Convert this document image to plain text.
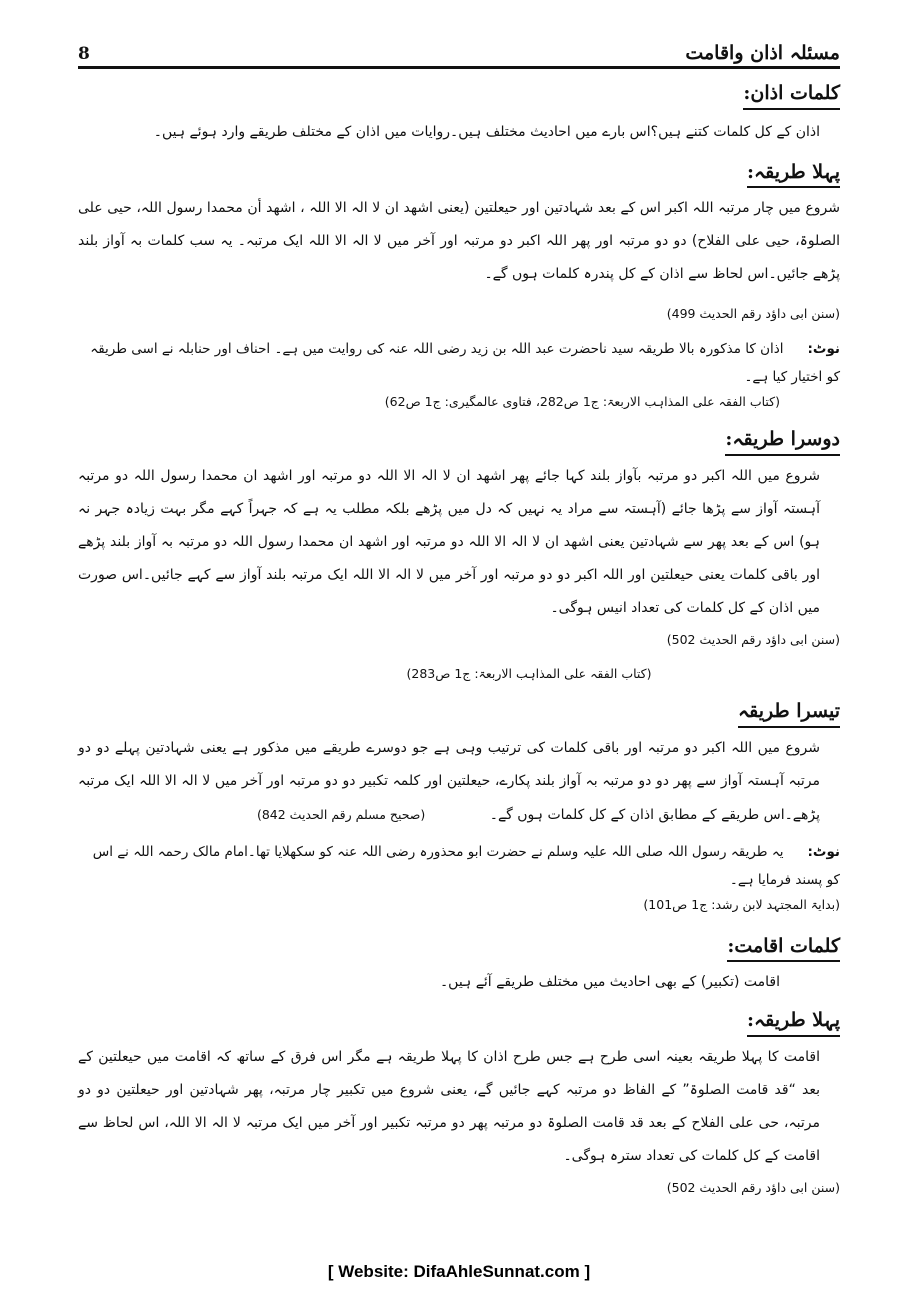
مسئلہ اذان واقامت
8
کلمات اذان:

اذان کے کل کلمات کتنے ہیں؟اس بارے میں احادیث مختلف ہیں۔روایات میں اذان کے مختلف طریقے وارد ہوئے ہیں۔

پہلا طریقہ:

شروع میں چار مرتبہ اللہ اکبر اس کے بعد شہادتین اور حیعلتین (یعنی اشھد ان لا الہ الا اللہ ، اشھد أن محمدا رسول اللہ، حیی علی الصلوۃ، حیی علی الفلاح) دو دو مرتبہ اور پھر اللہ اکبر دو مرتبہ اور آخر میں لا الہ الا اللہ ایک مرتبہ۔ یہ سب کلمات بہ آواز بلند پڑھے جائیں۔اس لحاظ سے اذان کے کل پندرہ کلمات ہوں گے۔

(سنن ابی داؤد رقم الحدیث 499)

نوٹ:اذان کا مذکورہ بالا طریقہ سید ناحضرت عبد اللہ بن زید رضی اللہ عنہ کی روایت میں ہے۔ احناف اور حنابلہ نے اسی طریقہ کو اختیار کیا ہے۔

(کتاب الفقہ علی المذاہب الاربعۃ: ج1 ص282، فتاوی عالمگیری: ج1 ص62)

دوسرا طریقہ:

شروع میں اللہ اکبر دو مرتبہ بآواز بلند کہا جائے پھر اشھد ان لا الہ الا اللہ دو مرتبہ اور اشھد ان محمدا رسول اللہ دو مرتبہ آہستہ آواز سے پڑھا جائے (آہستہ سے مراد یہ نہیں کہ دل میں پڑھے بلکہ مطلب یہ ہے کہ جہراً کہے مگر بہت زیادہ جہر نہ ہو) اس کے بعد پھر سے شہادتین یعنی اشھد ان لا الہ الا اللہ دو مرتبہ اور اشھد ان محمدا رسول اللہ دو مرتبہ بہ آواز بلند پڑھے اور باقی کلمات یعنی حیعلتین اور اللہ اکبر دو دو مرتبہ اور آخر میں لا الہ الا اللہ ایک مرتبہ بلند آواز سے کہے جائیں۔اس صورت میں اذان کے کل کلمات کی تعداد انیس ہوگی۔

(سنن ابی داؤد رقم الحدیث 502)

(کتاب الفقہ علی المذاہب الاربعۃ: ج1 ص283)

تیسرا طریقہ

شروع میں اللہ اکبر دو مرتبہ اور باقی کلمات کی ترتیب وہی ہے جو دوسرے طریقے میں مذکور ہے یعنی شہادتین پہلے دو دو مرتبہ آہستہ آواز سے پھر دو دو مرتبہ بہ آواز بلند پکارے، حیعلتین اور کلمہ تکبیر دو دو مرتبہ اور آخر میں لا الہ الا اللہ ایک مرتبہ پڑھے۔اس طریقے کے مطابق اذان کے کل کلمات ہوں گے۔ (صحیح مسلم رقم الحدیث 842)

نوٹ:یہ طریقہ رسول اللہ صلی اللہ علیہ وسلم نے حضرت ابو محذورہ رضی اللہ عنہ کو سکھلایا تھا۔امام مالک رحمہ اللہ نے اس کو پسند فرمایا ہے۔

(بدایۃ المجتہد لابن رشد: ج1 ص101)

کلمات اقامت:

اقامت (تکبیر) کے بھی احادیث میں مختلف طریقے آئے ہیں۔

پہلا طریقہ:

اقامت کا پہلا طریقہ بعینہ اسی طرح ہے جس طرح اذان کا پہلا طریقہ ہے مگر اس فرق کے ساتھ کہ اقامت میں حیعلتین کے بعد “قد قامت الصلوۃ” کے الفاظ دو مرتبہ کہے جائیں گے، یعنی شروع میں تکبیر چار مرتبہ، پھر شہادتین اور حیعلتین دو دو مرتبہ، حی علی الفلاح کے بعد قد قامت الصلوۃ دو مرتبہ پھر دو مرتبہ تکبیر اور آخر میں ایک مرتبہ لا الہ الا اللہ، اس لحاظ سے اقامت کے کل کلمات کی تعداد سترہ ہوگی۔

(سنن ابی داؤد رقم الحدیث 502)

[ Website: DifaAhleSunnat.com ]
